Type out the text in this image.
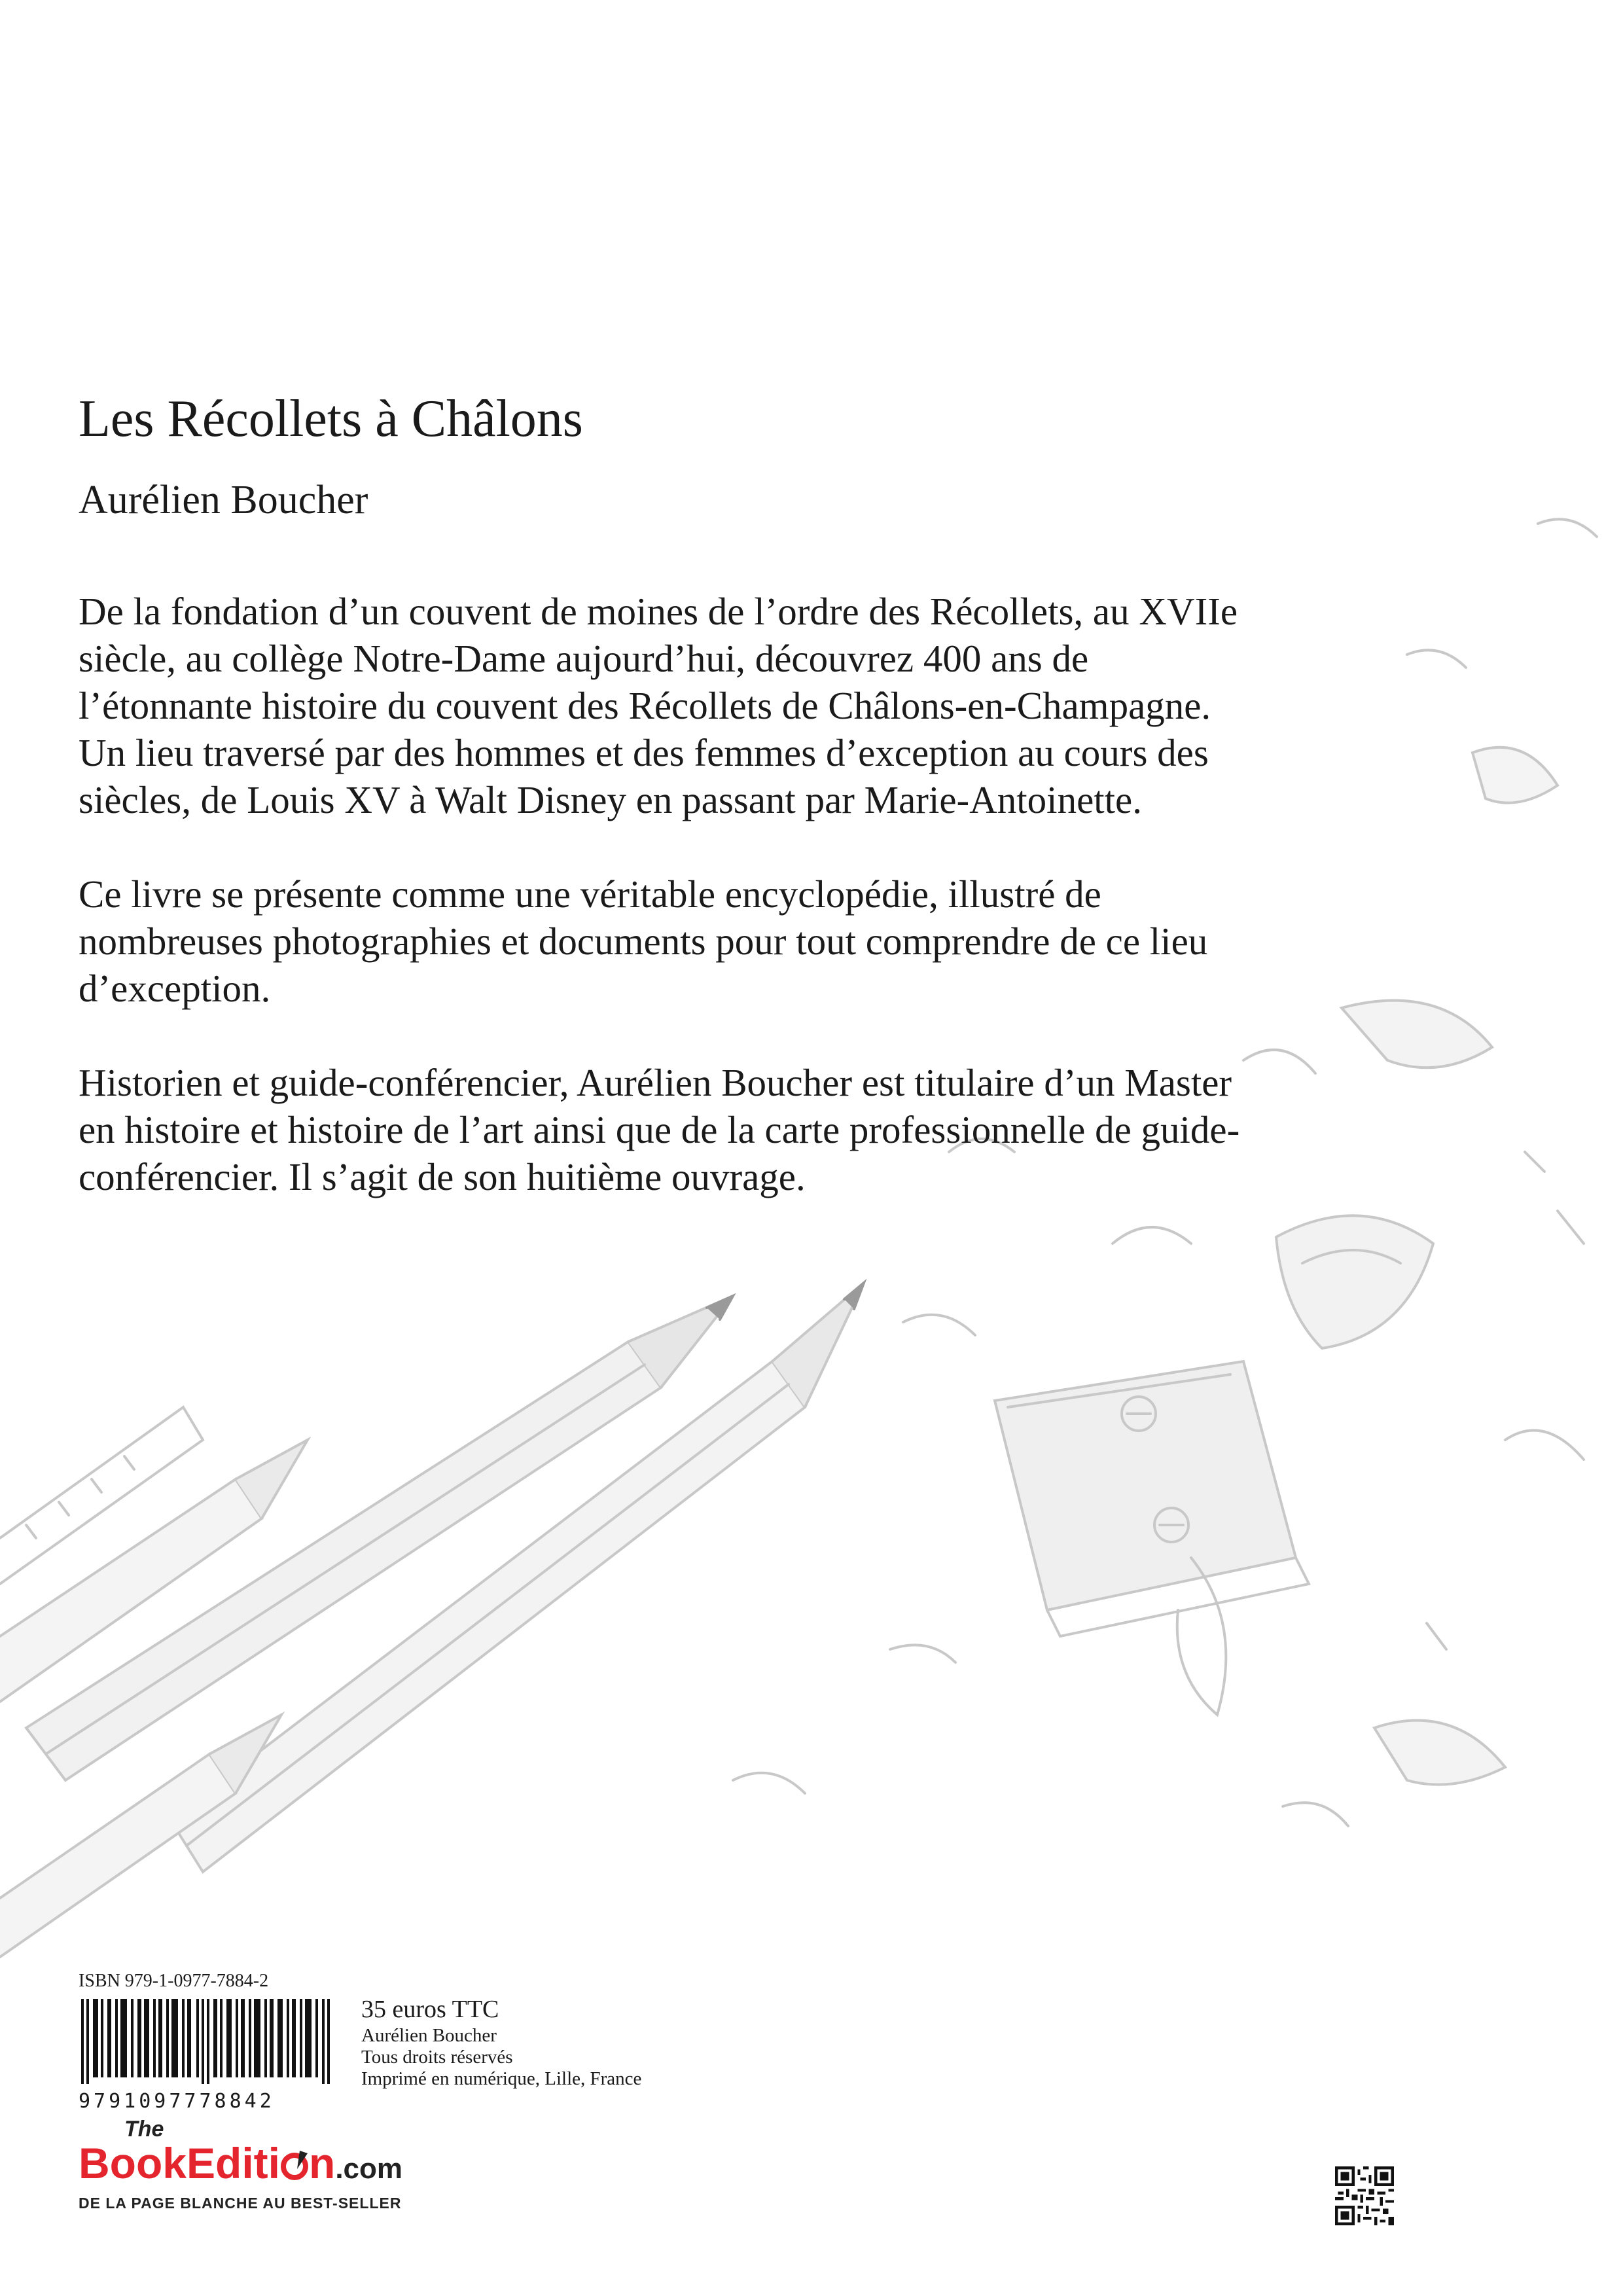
Les Récollets à Châlons
Aurélien Boucher

De la fondation d’un couvent de moines de l’ordre des Récollets, au XVIIe siècle, au collège Notre-Dame aujourd’hui, découvrez 400 ans de l’étonnante histoire du couvent des Récollets de Châlons-en-Champagne. Un lieu traversé par des hommes et des femmes d’exception au cours des siècles, de Louis XV à Walt Disney en passant par Marie-Antoinette.

Ce livre se présente comme une véritable encyclopédie, illustré de nombreuses photographies et documents pour tout comprendre de ce lieu d’exception.

Historien et guide-conférencier, Aurélien Boucher est titulaire d’un Master en histoire et histoire de l’art ainsi que de la carte professionnelle de guide-conférencier. Il s’agit de son huitième ouvrage.

ISBN 979-1-0977-7884-2
9791097778842
35 euros TTC
Aurélien Boucher
Tous droits réservés
Imprimé en numérique, Lille, France
The
BookEditi n.com
DE LA PAGE BLANCHE AU BEST-SELLER
